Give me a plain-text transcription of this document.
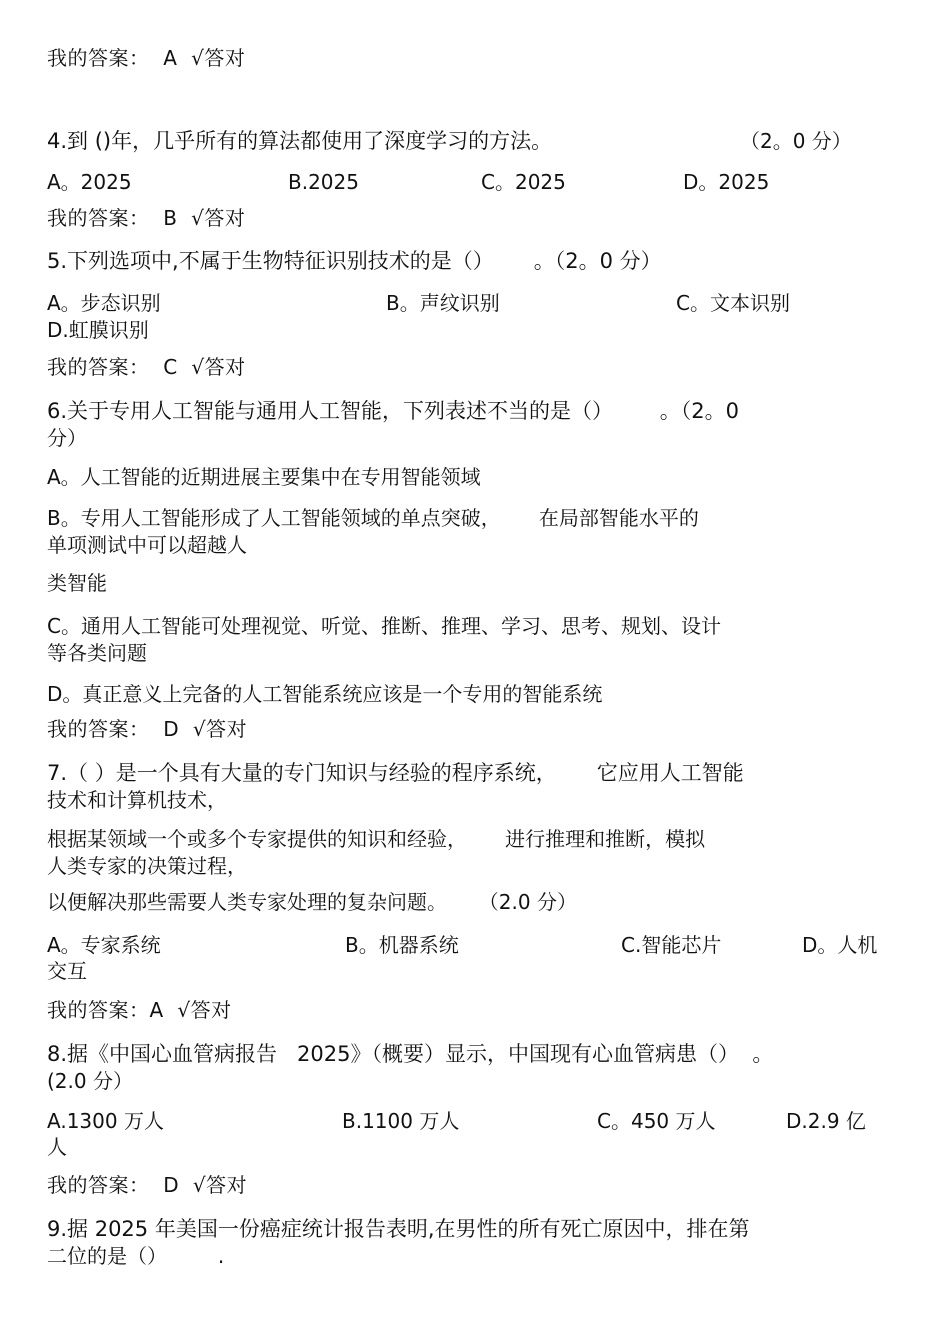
我的答案：  A  √答对
4.到 ()年，几乎所有的算法都使用了深度学习的方法。	（2。0 分）
A。2025	B.2025	C。2025	D。2025
我的答案：  B  √答对
5.下列选项中,不属于生物特征识别技术的是（）      。（2。0 分）
A。步态识别	B。声纹识别	C。文本识别
D.虹膜识别
我的答案：  C  √答对
6.关于专用人工智能与通用人工智能，下列表述不当的是（）       。（2。0
分）
A。人工智能的近期进展主要集中在专用智能领域
B。专用人工智能形成了人工智能领域的单点突破，      在局部智能水平的
单项测试中可以超越人
类智能
C。通用人工智能可处理视觉、听觉、推断、推理、学习、思考、规划、设计
等各类问题
D。真正意义上完备的人工智能系统应该是一个专用的智能系统
我的答案：  D  √答对
7.（ ）是一个具有大量的专门知识与经验的程序系统，      它应用人工智能
技术和计算机技术，
根据某领域一个或多个专家提供的知识和经验，      进行推理和推断，模拟
人类专家的决策过程，
以便解决那些需要人类专家处理的复杂问题。     （2.0 分）
A。专家系统	B。机器系统	C.智能芯片	D。人机
交互
我的答案：A  √答对
8.据《中国心血管病报告   2025》（概要）显示，中国现有心血管病患（）  。
(2.0 分）
A.1300 万人	B.1100 万人	C。450 万人	D.2.9 亿
人
我的答案：  D  √答对
9.据 2025 年美国一份癌症统计报告表明,在男性的所有死亡原因中，排在第
二位的是（）        .
